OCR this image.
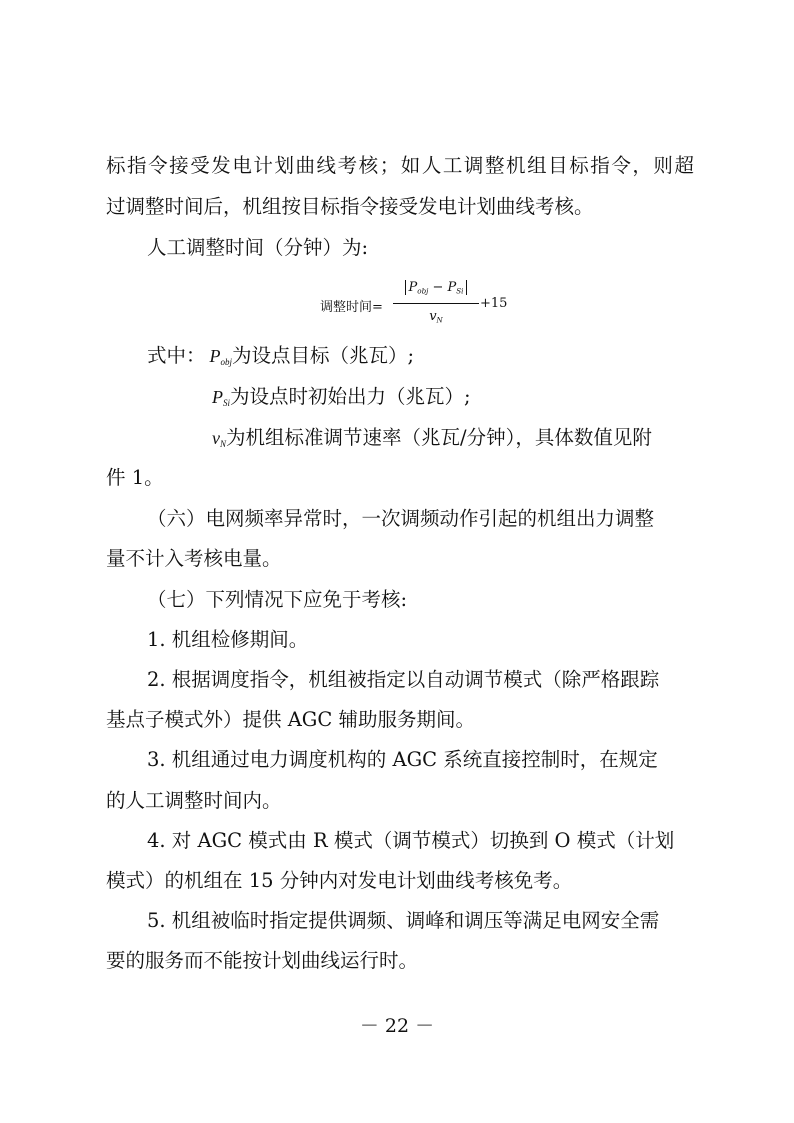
标指令接受发电计划曲线考核；如人工调整机组目标指令，则超
过调整时间后，机组按目标指令接受发电计划曲线考核。
人工调整时间（分钟）为:
调整时间=
$P_{obj} - P_{Si}$
$v_N$
+15
式中： $P_{obj}$为设点目标（兆瓦）;
$P_{Si}$为设点时初始出力（兆瓦）;
$v_N$为机组标准调节速率（兆瓦/分钟），具体数值见附
件 1。
（六）电网频率异常时，一次调频动作引起的机组出力调整
量不计入考核电量。
（七）下列情况下应免于考核:
1. 机组检修期间。
2. 根据调度指令，机组被指定以自动调节模式（除严格跟踪
基点子模式外）提供 AGC 辅助服务期间。
3. 机组通过电力调度机构的 AGC 系统直接控制时，在规定
的人工调整时间内。
4. 对 AGC 模式由 R 模式（调节模式）切换到 O 模式（计划
模式）的机组在 15 分钟内对发电计划曲线考核免考。
5. 机组被临时指定提供调频、调峰和调压等满足电网安全需
要的服务而不能按计划曲线运行时。
－ 22 －
